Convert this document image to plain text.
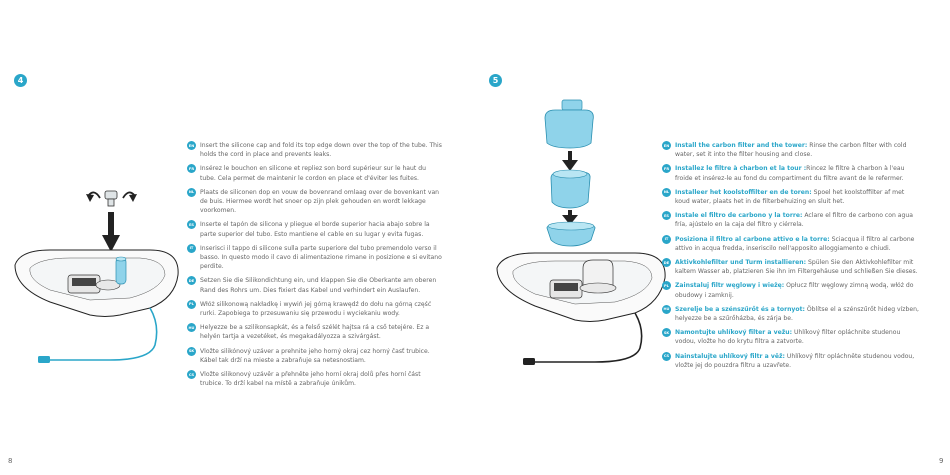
4
EN Insert the silicone cap and fold its top edge down over the top of the tube. This holds the cord in place and prevents leaks.
FR Insérez le bouchon en silicone et repliez son bord supérieur sur le haut du tube. Cela permet de maintenir le cordon en place et d'éviter les fuites.
NL Plaats de siliconen dop en vouw de bovenrand omlaag over de bovenkant van de buis. Hiermee wordt het snoer op zijn plek gehouden en wordt lekkage voorkomen.
ES Inserte el tapón de silicona y pliegue el borde superior hacia abajo sobre la parte superior del tubo. Esto mantiene el cable en su lugar y evita fugas.
IT	Inserisci il tappo di silicone sulla parte superiore del tubo premendolo verso il basso. In questo modo il cavo di alimentazione rimane in posizione e si evitano perdite.
DE Setzen Sie die Silikondichtung ein, und klappen Sie die Oberkante am oberen Rand des Rohrs um. Dies fixiert das Kabel und verhindert ein Auslaufen.
PL Włóż silikonową nakładkę i wywiń jej górną krawędź do dołu na górną część rurki. Zapobiega to przesuwaniu się przewodu i wyciekaniu wody.
HU Helyezze be a szilikonsapkát, és a felső szélét hajtsa rá a cső tetejére. Ez a helyén tartja a vezetéket, és megakadályozza a szivárgást.
SK Vložte silikónový uzáver a prehnite jeho horný okraj cez horný časť trubice. Kábel tak drží na mieste a zabraňuje sa netesnostiam.
CS Vložte silikonový uzávěr a přehněte jeho horní okraj dolů přes horní část trubice. To drží kabel na místě a zabraňuje únikům.
8
5
EN Install the carbon filter and the tower: Rinse the carbon filter with cold water, set it into the filter housing and close.
FR Installez le filtre à charbon et la tour :Rincez le filtre à charbon à l'eau froide et insérez-le au fond du compartiment du filtre avant de le refermer.
NL Installeer het koolstoffilter en de toren: Spoel het koolstoffilter af met koud water, plaats het in de filterbehuizing en sluit het.
ES Instale el filtro de carbono y la torre: Aclare el filtro de carbono con agua fría, ajústelo en la caja del filtro y ciérrela.
IT	Posiziona il filtro al carbone attivo e la torre: Sciacqua il filtro al carbone attivo in acqua fredda, inseriscilo nell'apposito alloggiamento e chiudi.
DE Aktivkohlefilter und Turm installieren: Spülen Sie den Aktivkohlefilter mit kaltem Wasser ab, platzieren Sie ihn im Filtergehäuse und schließen Sie dieses.
PL Zainstaluj filtr węglowy i wieżę: Opłucz filtr węglowy zimną wodą, włóż do obudowy i zamknij.
HU Szerelje be a szénszűrőt és a tornyot: Öblítse el a szénszűrőt hideg vízben, helyezze be a szűrőházba, és zárja be.
SK Namontujte uhlíkový filter a vežu: Uhlíkový filter opláchnite studenou vodou, vložte ho do krytu filtra a zatvorte.
CS Nainstalujte uhlíkový filtr a věž: Uhlíkový filtr opláchněte studenou vodou, vložte jej do pouzdra filtru a uzavřete.
9
